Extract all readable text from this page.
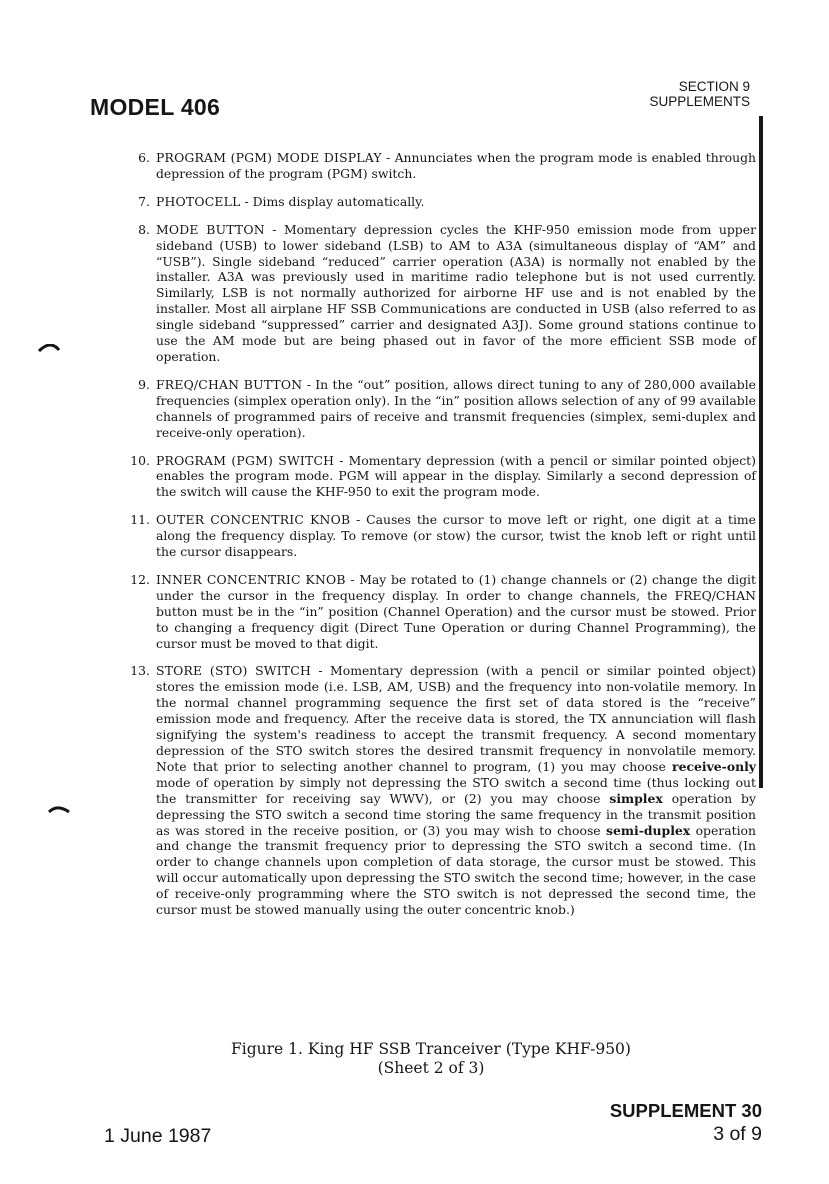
MODEL 406
SECTION 9
SUPPLEMENTS
6. PROGRAM (PGM) MODE DISPLAY - Annunciates when the program mode is enabled through depression of the program (PGM) switch.
7. PHOTOCELL - Dims display automatically.
8. MODE BUTTON - Momentary depression cycles the KHF-950 emission mode from upper sideband (USB) to lower sideband (LSB) to AM to A3A (simultaneous display of “AM” and “USB”). Single sideband “reduced” carrier operation (A3A) is normally not enabled by the installer. A3A was previously used in maritime radio telephone but is not used currently. Similarly, LSB is not normally authorized for airborne HF use and is not enabled by the installer. Most all airplane HF SSB Communications are conducted in USB (also referred to as single sideband “suppressed” carrier and designated A3J). Some ground stations continue to use the AM mode but are being phased out in favor of the more efficient SSB mode of operation.
9. FREQ/CHAN BUTTON - In the “out” position, allows direct tuning to any of 280,000 available frequencies (simplex operation only). In the “in” position allows selection of any of 99 available channels of programmed pairs of receive and transmit frequencies (simplex, semi-duplex and receive-only operation).
10. PROGRAM (PGM) SWITCH - Momentary depression (with a pencil or similar pointed object) enables the program mode. PGM will appear in the display. Similarly a second depression of the switch will cause the KHF-950 to exit the program mode.
11. OUTER CONCENTRIC KNOB - Causes the cursor to move left or right, one digit at a time along the frequency display. To remove (or stow) the cursor, twist the knob left or right until the cursor disappears.
12. INNER CONCENTRIC KNOB - May be rotated to (1) change channels or (2) change the digit under the cursor in the frequency display. In order to change channels, the FREQ/CHAN button must be in the “in” position (Channel Operation) and the cursor must be stowed. Prior to changing a frequency digit (Direct Tune Operation or during Channel Programming), the cursor must be moved to that digit.
13. STORE (STO) SWITCH - Momentary depression (with a pencil or similar pointed object) stores the emission mode (i.e. LSB, AM, USB) and the frequency into non-volatile memory. In the normal channel programming sequence the first set of data stored is the “receive” emission mode and frequency. After the receive data is stored, the TX annunciation will flash signifying the system's readiness to accept the transmit frequency. A second momentary depression of the STO switch stores the desired transmit frequency in nonvolatile memory. Note that prior to selecting another channel to program, (1) you may choose receive-only mode of operation by simply not depressing the STO switch a second time (thus locking out the transmitter for receiving say WWV), or (2) you may choose simplex operation by depressing the STO switch a second time storing the same frequency in the transmit position as was stored in the receive position, or (3) you may wish to choose semi-duplex operation and change the transmit frequency prior to depressing the STO switch a second time. (In order to change channels upon completion of data storage, the cursor must be stowed. This will occur automatically upon depressing the STO switch the second time; however, in the case of receive-only programming where the STO switch is not depressed the second time, the cursor must be stowed manually using the outer concentric knob.)
Figure 1. King HF SSB Tranceiver (Type KHF-950)
(Sheet 2 of 3)
SUPPLEMENT 30
1 June 1987	3 of 9
